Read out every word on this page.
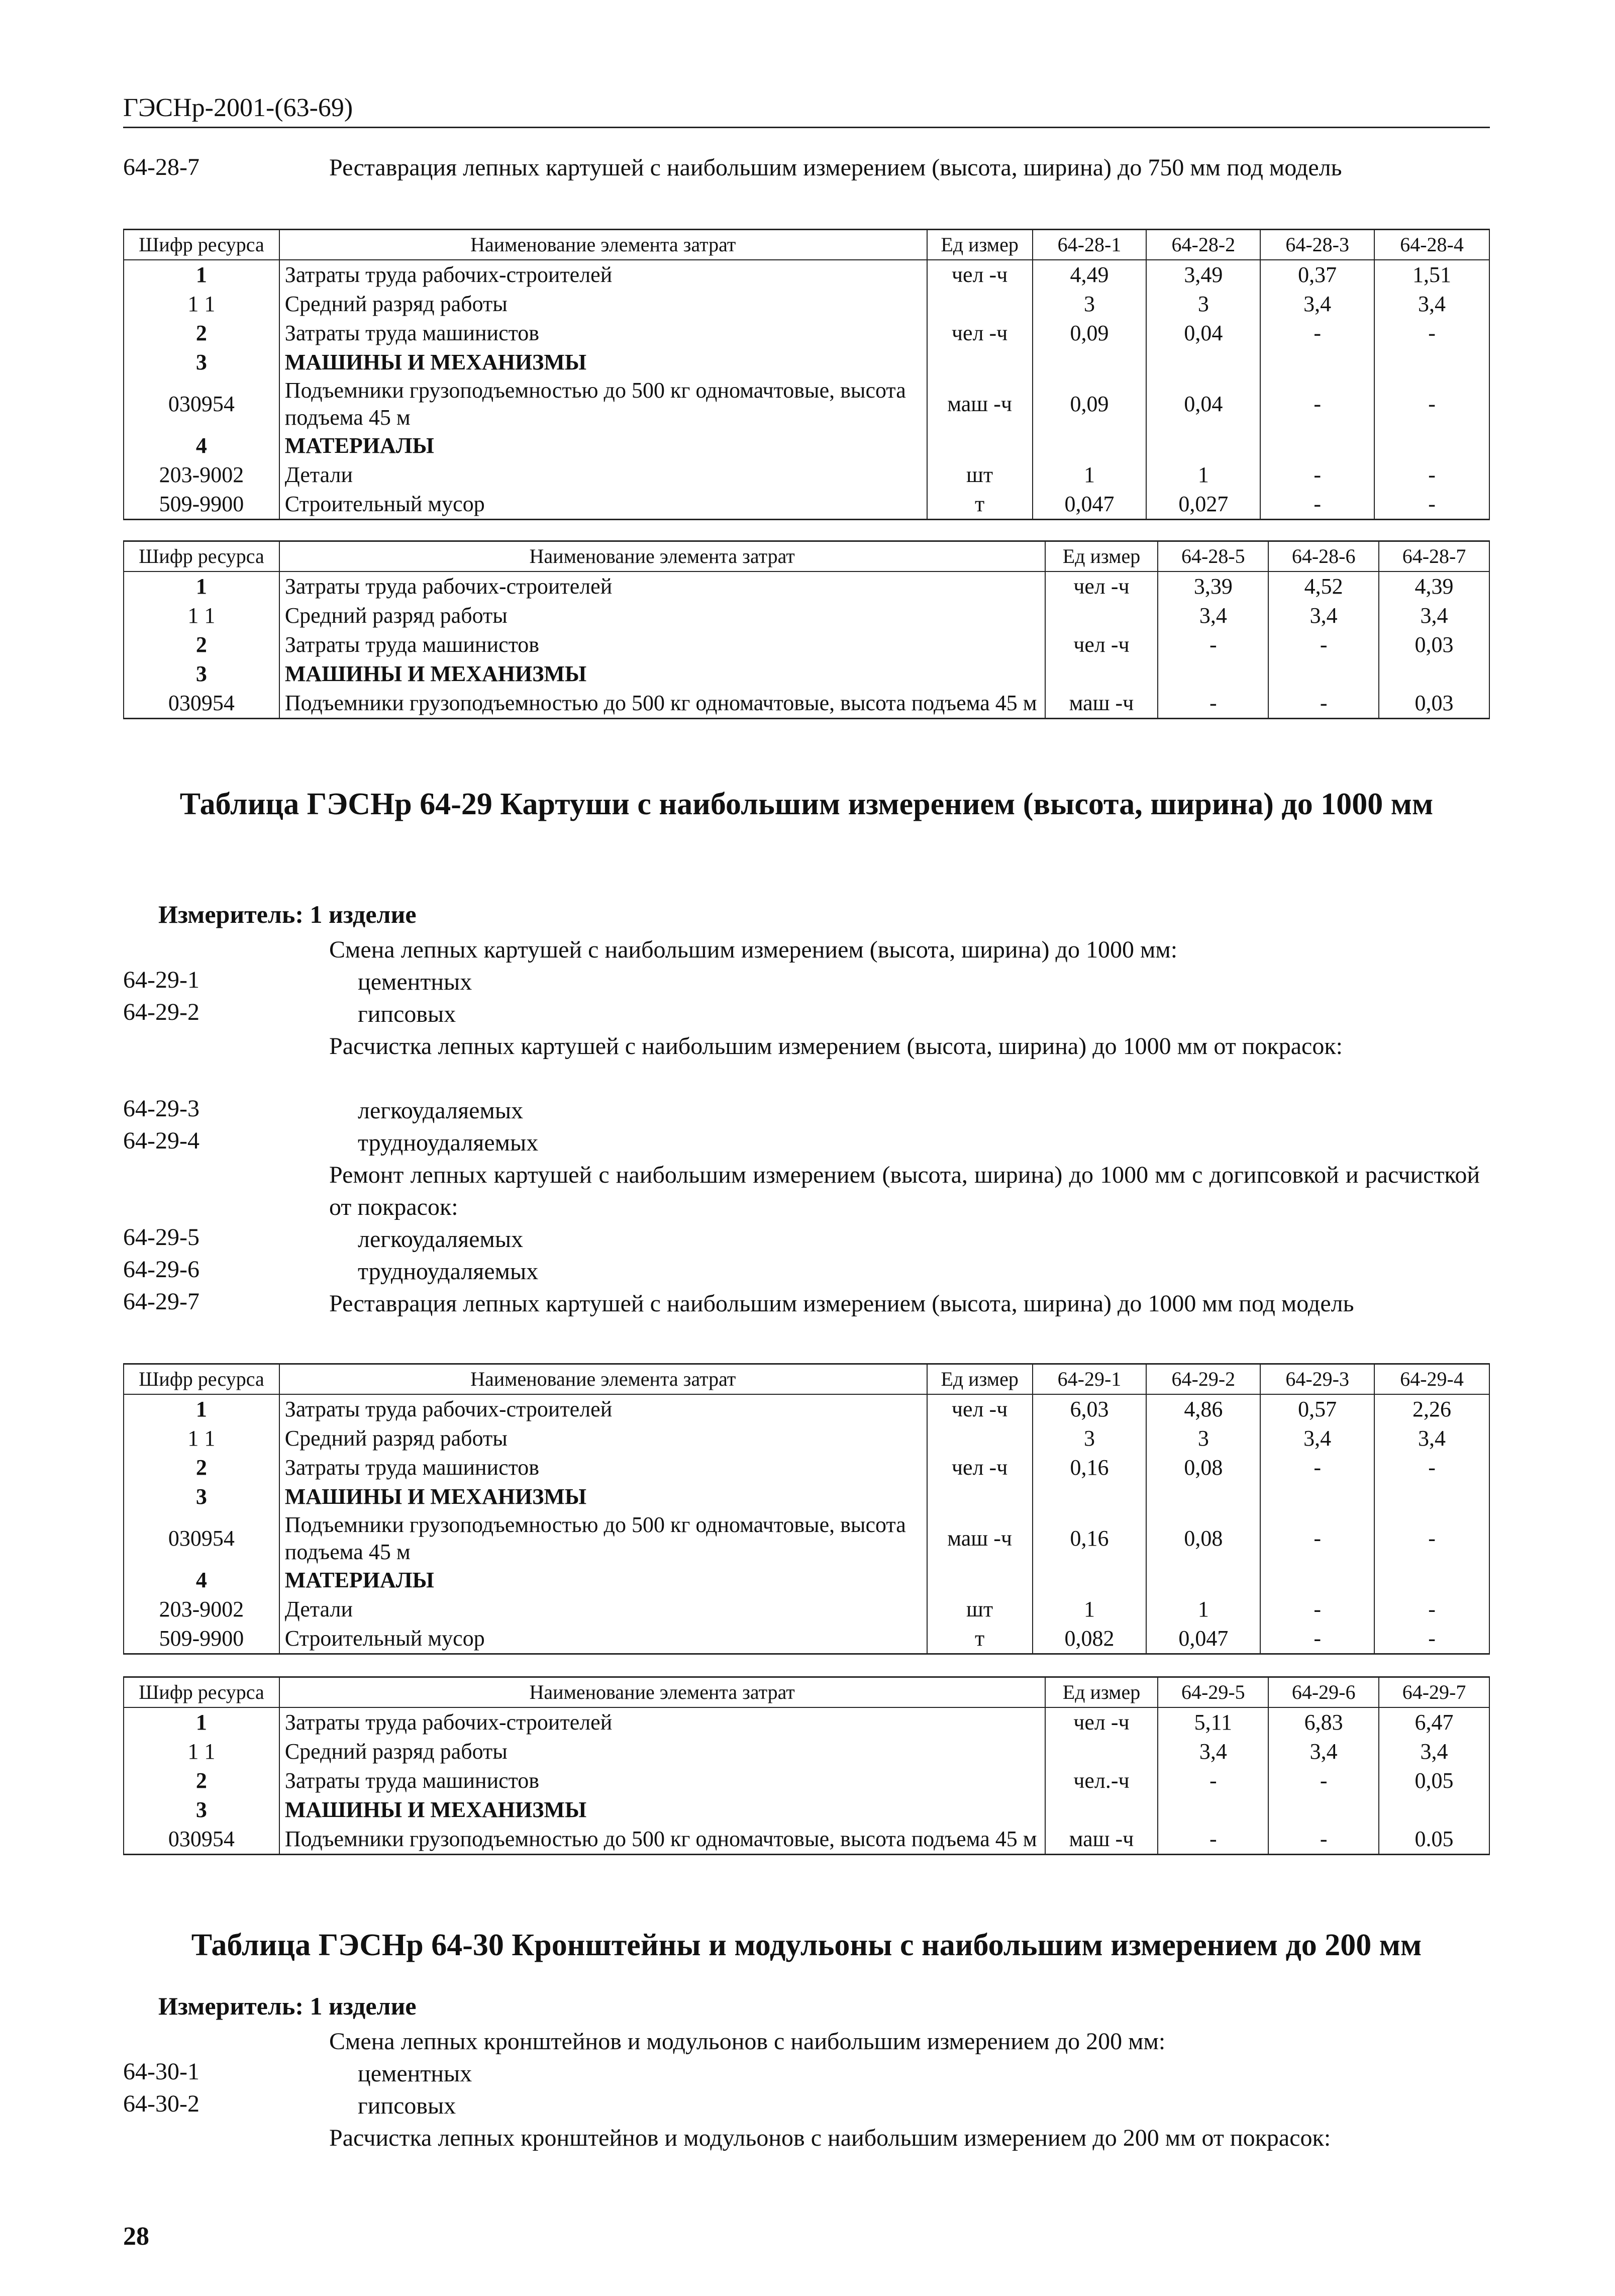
ГЭСНр-2001-(63-69)
64-28-7	Реставрация лепных картушей с наибольшим измерением (высота, ширина) до 750 мм под модель
Шифр ресурса	Наименование элемента затрат	Ед измер	64-28-1	64-28-2	64-28-3	64-28-4
1	Затраты труда рабочих-строителей	чел -ч	4,49	3,49	0,37	1,51
1 1	Средний разряд работы		3	3	3,4	3,4
2	Затраты труда машинистов	чел -ч	0,09	0,04	-	-
3	МАШИНЫ И МЕХАНИЗМЫ					
030954	Подъемники грузоподъемностью до 500 кг одномачтовые, высота подъема 45 м	маш -ч	0,09	0,04	-	-
4	МАТЕРИАЛЫ					
203-9002	Детали	шт	1	1	-	-
509-9900	Строительный мусор	т	0,047	0,027	-	-
Шифр ресурса	Наименование элемента затрат	Ед измер	64-28-5	64-28-6	64-28-7
1	Затраты труда рабочих-строителей	чел -ч	3,39	4,52	4,39
1 1	Средний разряд работы		3,4	3,4	3,4
2	Затраты труда машинистов	чел -ч	-	-	0,03
3	МАШИНЫ И МЕХАНИЗМЫ				
030954	Подъемники грузоподъемностью до 500 кг одномачтовые, высота подъема 45 м	маш -ч	-	-	0,03
Таблица ГЭСНр 64-29 Картуши с наибольшим измерением (высота, ширина) до 1000 мм
Измеритель: 1 изделие
Смена лепных картушей с наибольшим измерением (высота, ширина) до 1000 мм:
64-29-1	цементных
64-29-2	гипсовых
Расчистка лепных картушей с наибольшим измерением (высота, ширина) до 1000 мм от покрасок:
64-29-3	легкоудаляемых
64-29-4	трудноудаляемых
Ремонт лепных картушей с наибольшим измерением (высота, ширина) до 1000 мм с догипсовкой и расчисткой от покрасок:
64-29-5	легкоудаляемых
64-29-6	трудноудаляемых
64-29-7	Реставрация лепных картушей с наибольшим измерением (высота, ширина) до 1000 мм под модель
Шифр ресурса	Наименование элемента затрат	Ед измер	64-29-1	64-29-2	64-29-3	64-29-4
1	Затраты труда рабочих-строителей	чел -ч	6,03	4,86	0,57	2,26
1 1	Средний разряд работы		3	3	3,4	3,4
2	Затраты труда машинистов	чел -ч	0,16	0,08	-	-
3	МАШИНЫ И МЕХАНИЗМЫ					
030954	Подъемники грузоподъемностью до 500 кг одномачтовые, высота подъема 45 м	маш -ч	0,16	0,08	-	-
4	МАТЕРИАЛЫ					
203-9002	Детали	шт	1	1	-	-
509-9900	Строительный мусор	т	0,082	0,047	-	-
Шифр ресурса	Наименование элемента затрат	Ед измер	64-29-5	64-29-6	64-29-7
1	Затраты труда рабочих-строителей	чел -ч	5,11	6,83	6,47
1 1	Средний разряд работы		3,4	3,4	3,4
2	Затраты труда машинистов	чел.-ч	-	-	0,05
3	МАШИНЫ И МЕХАНИЗМЫ				
030954	Подъемники грузоподъемностью до 500 кг одномачтовые, высота подъема 45 м	маш -ч	-	-	0.05
Таблица ГЭСНр 64-30 Кронштейны и модульоны с наибольшим измерением до 200 мм
Измеритель: 1 изделие
Смена лепных кронштейнов и модульонов с наибольшим измерением до 200 мм:
64-30-1	цементных
64-30-2	гипсовых
Расчистка лепных кронштейнов и модульонов с наибольшим измерением до 200 мм от покрасок:
28
